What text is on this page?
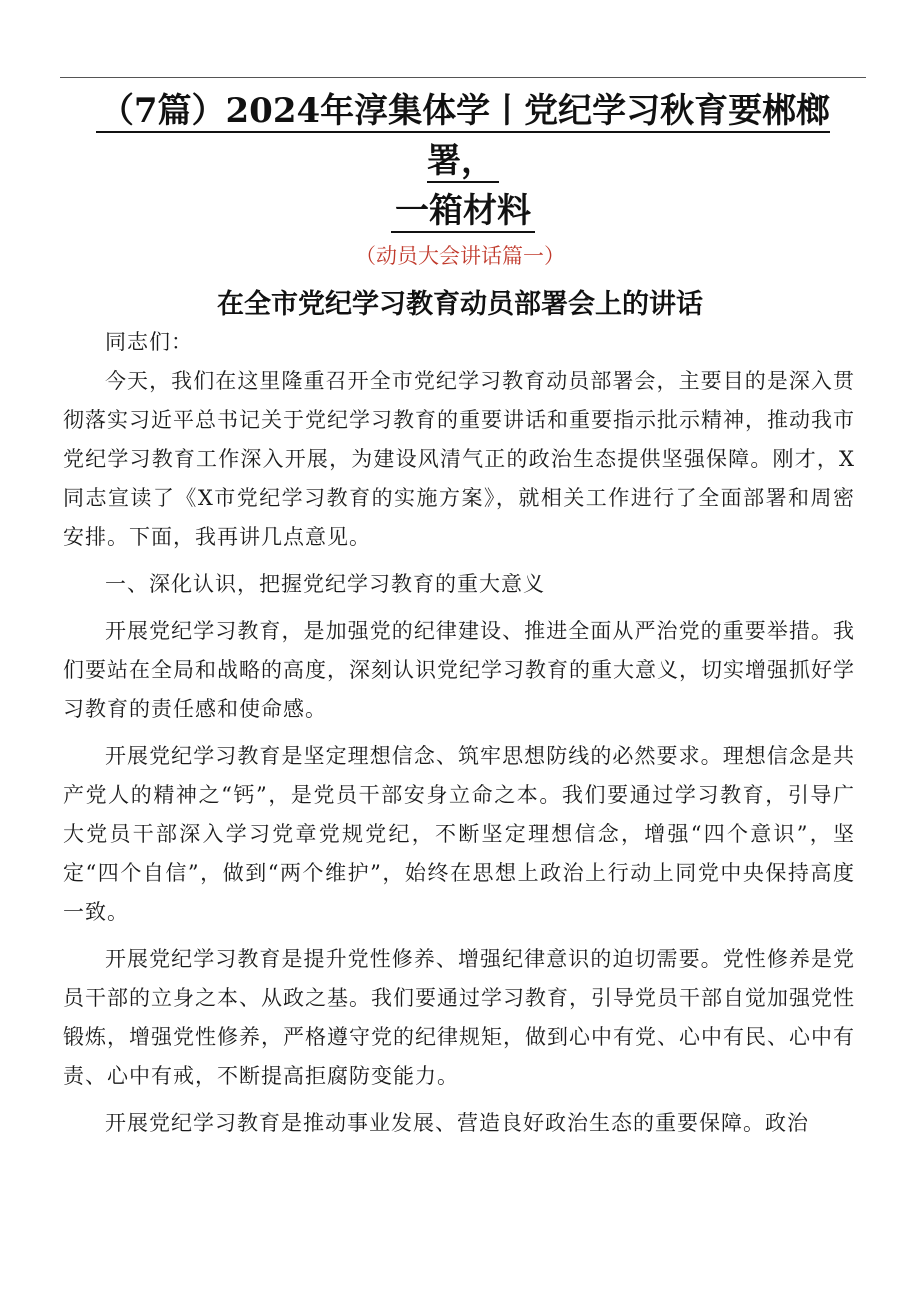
（7篇）2024年淳集体学丨党纪学习秋育要郴榔署，
一箱材料
（动员大会讲话篇一）
在全市党纪学习教育动员部署会上的讲话

同志们：

今天，我们在这里隆重召开全市党纪学习教育动员部署会，主要目的是深入贯彻落实习近平总书记关于党纪学习教育的重要讲话和重要指示批示精神，推动我市党纪学习教育工作深入开展，为建设风清气正的政治生态提供坚强保障。刚才，X同志宣读了《X市党纪学习教育的实施方案》，就相关工作进行了全面部署和周密安排。下面，我再讲几点意见。

一、深化认识，把握党纪学习教育的重大意义

开展党纪学习教育，是加强党的纪律建设、推进全面从严治党的重要举措。我们要站在全局和战略的高度，深刻认识党纪学习教育的重大意义，切实增强抓好学习教育的责任感和使命感。

开展党纪学习教育是坚定理想信念、筑牢思想防线的必然要求。理想信念是共产党人的精神之“钙”，是党员干部安身立命之本。我们要通过学习教育，引导广大党员干部深入学习党章党规党纪，不断坚定理想信念，增强“四个意识”，坚定“四个自信”，做到“两个维护”，始终在思想上政治上行动上同党中央保持高度一致。

开展党纪学习教育是提升党性修养、增强纪律意识的迫切需要。党性修养是党员干部的立身之本、从政之基。我们要通过学习教育，引导党员干部自觉加强党性锻炼，增强党性修养，严格遵守党的纪律规矩，做到心中有党、心中有民、心中有责、心中有戒，不断提高拒腐防变能力。

开展党纪学习教育是推动事业发展、营造良好政治生态的重要保障。政治
